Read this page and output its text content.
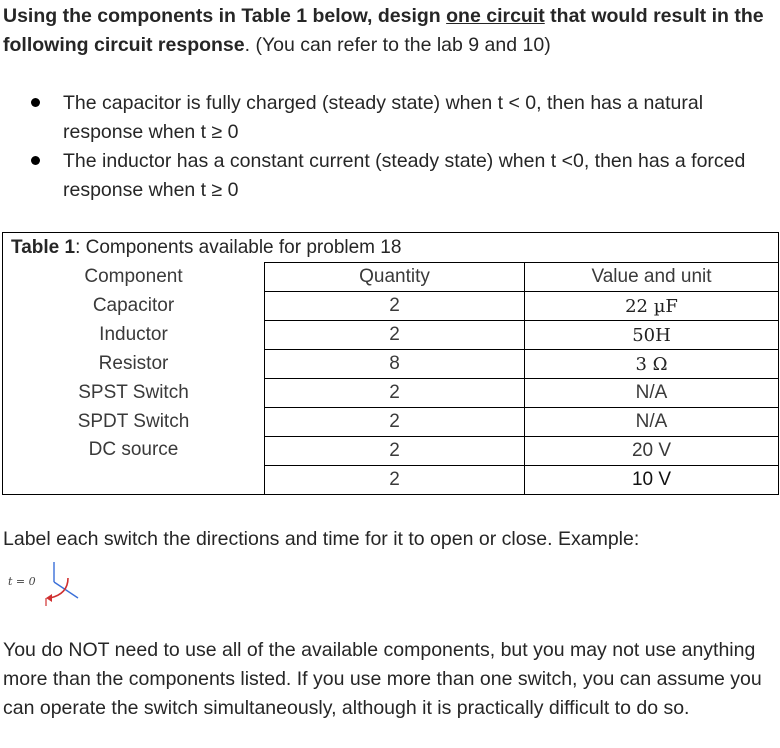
Using the components in Table 1 below, design one circuit that would result in the following circuit response. (You can refer to the lab 9 and 10)
The capacitor is fully charged (steady state) when t < 0, then has a natural response when t ≥ 0
The inductor has a constant current (steady state) when t <0, then has a forced response when t ≥ 0
Table 1: Components available for problem 18		
Component	Quantity	Value and unit
Capacitor	2	22 µF
Inductor	2	50H
Resistor	8	3 Ω
SPST Switch	2	N/A
SPDT Switch	2	N/A
DC source	2	20 V
	2	10 V
Label each switch the directions and time for it to open or close. Example:
t = 0
You do NOT need to use all of the available components, but you may not use anything more than the components listed. If you use more than one switch, you can assume you can operate the switch simultaneously, although it is practically difficult to do so.
